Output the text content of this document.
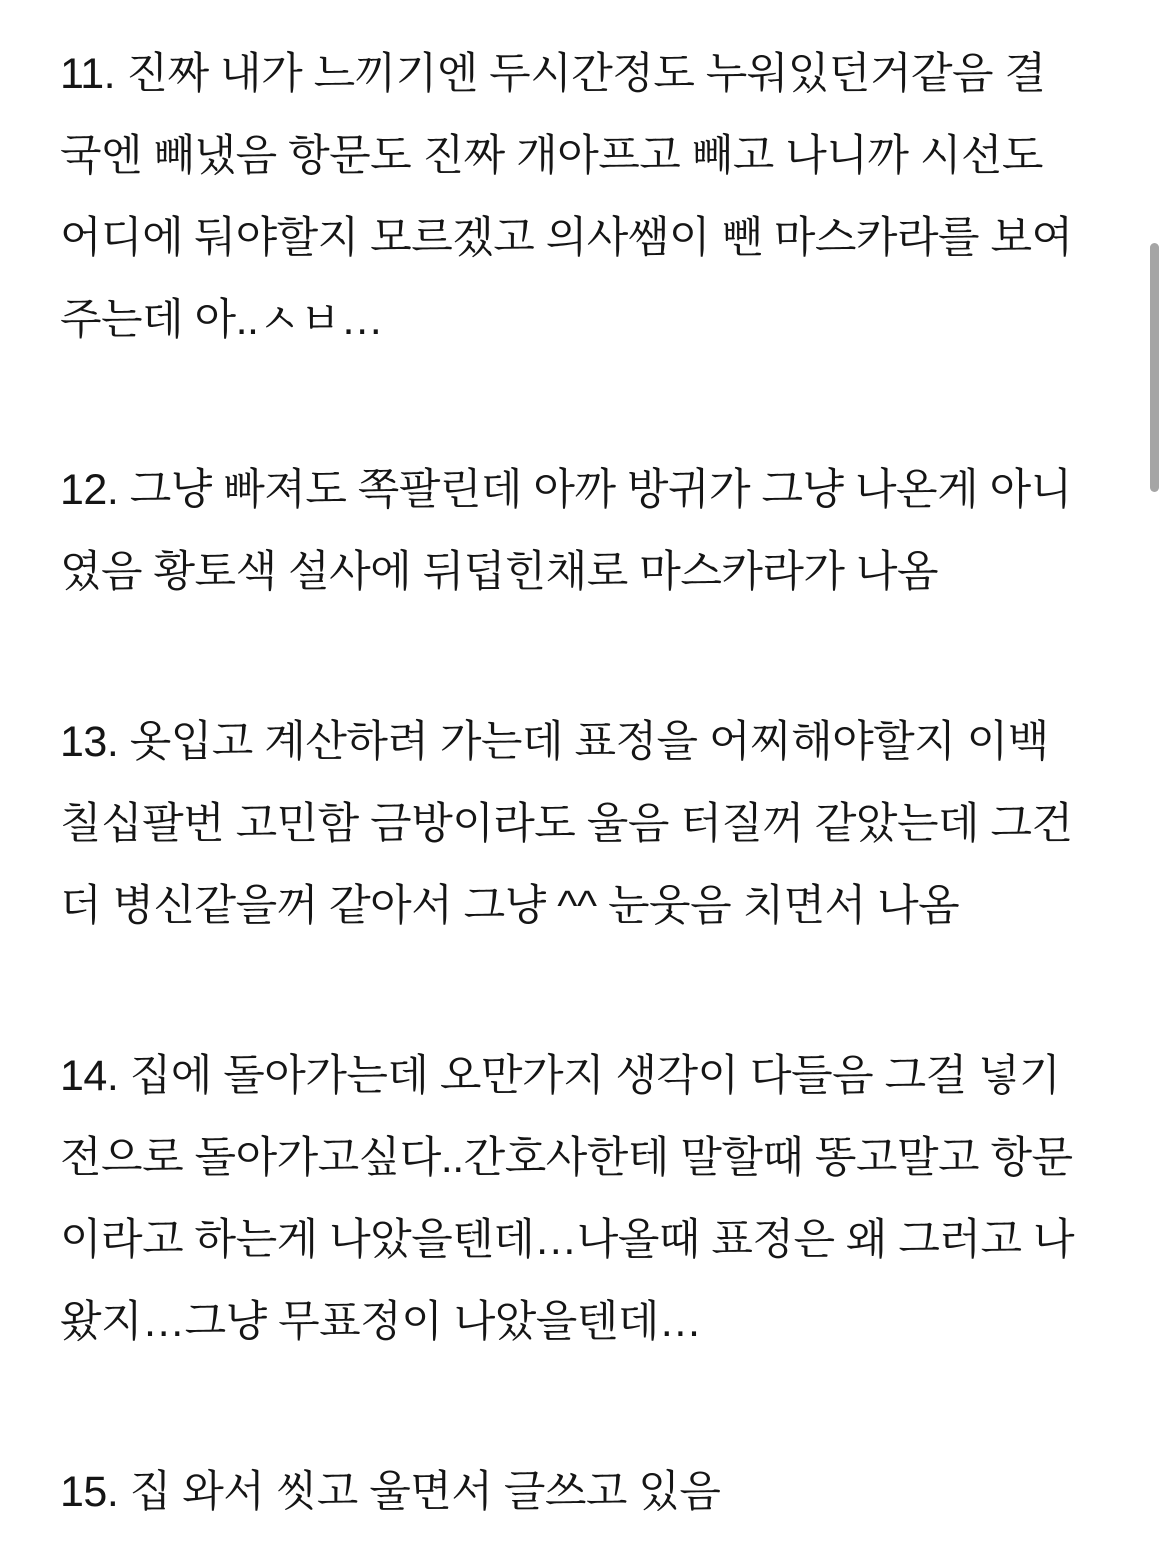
11. 진짜 내가 느끼기엔 두시간정도 누워있던거같음 결
국엔 빼냈음 항문도 진짜 개아프고 빼고 나니까 시선도
어디에 둬야할지 모르겠고 의사쌤이 뺀 마스카라를 보여
주는데 아..ㅅㅂ…

12. 그냥 빠져도 쪽팔린데 아까 방귀가 그냥 나온게 아니
였음 황토색 설사에 뒤덥힌채로 마스카라가 나옴

13. 옷입고 계산하려 가는데 표정을 어찌해야할지 이백
칠십팔번 고민함 금방이라도 울음 터질꺼 같았는데 그건
더 병신같을꺼 같아서 그냥 ^^ 눈웃음 치면서 나옴

14. 집에 돌아가는데 오만가지 생각이 다들음 그걸 넣기
전으로 돌아가고싶다..간호사한테 말할때 똥고말고 항문
이라고 하는게 나았을텐데…나올때 표정은 왜 그러고 나
왔지…그냥 무표정이 나았을텐데…

15. 집 와서 씻고 울면서 글쓰고 있음
